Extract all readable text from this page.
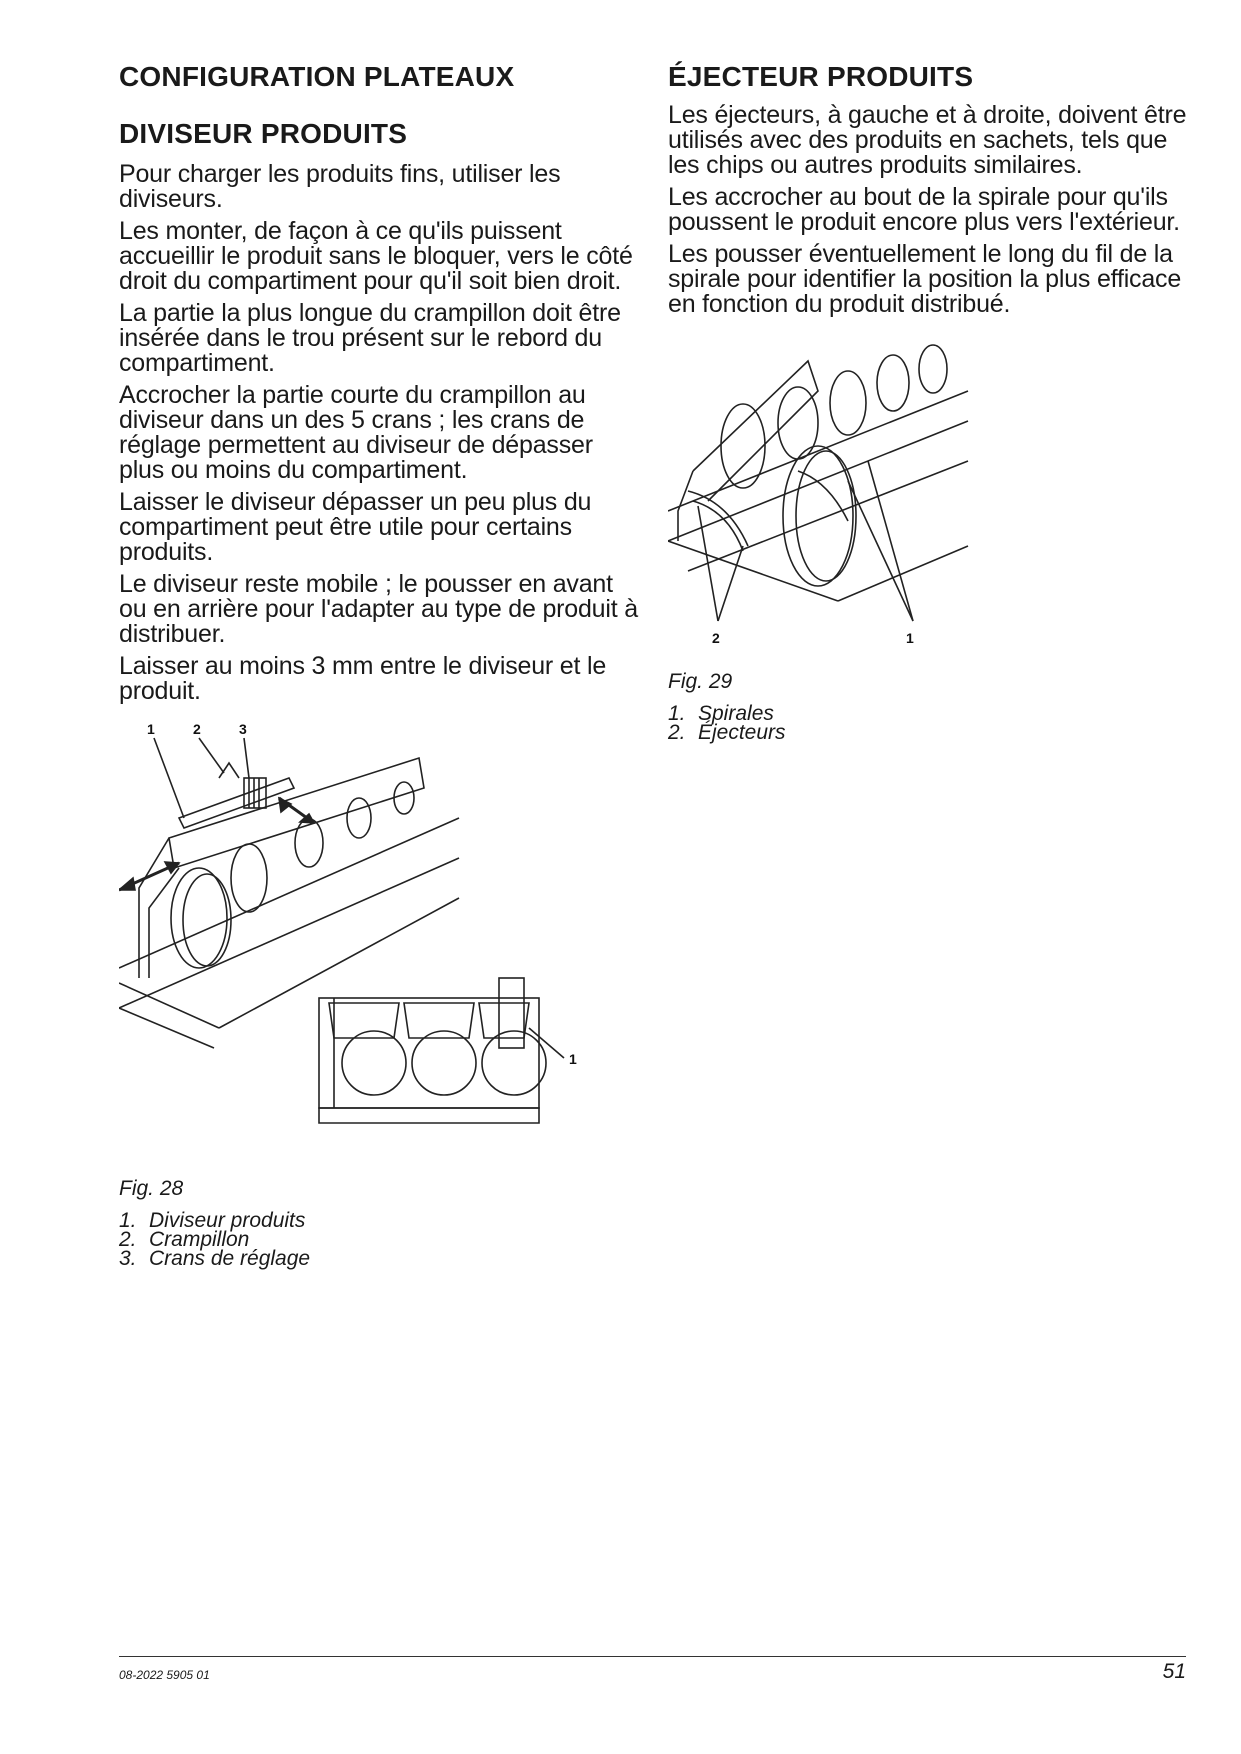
CONFIGURATION PLATEAUX
DIVISEUR PRODUITS

Pour charger les produits fins, utiliser les diviseurs.

Les monter, de façon à ce qu'ils puissent accueillir le produit sans le bloquer, vers le côté droit du compartiment pour qu'il soit bien droit.

La partie la plus longue du crampillon doit être insérée dans le trou présent sur le rebord du compartiment.

Accrocher la partie courte du crampillon au diviseur dans un des 5 crans ; les crans de réglage permettent au diviseur de dépasser plus ou moins du compartiment.

Laisser le diviseur dépasser un peu plus du compartiment peut être utile pour certains produits.

Le diviseur reste mobile ; le pousser en avant ou en arrière pour l'adapter au type de produit à distribuer.

Laisser au moins 3 mm entre le diviseur et le produit.

1	2	3
1
Fig. 28
1. Diviseur produits
2. Crampillon
3. Crans de réglage
ÉJECTEUR PRODUITS

Les éjecteurs, à gauche et à droite, doivent être utilisés avec des produits en sachets, tels que les chips ou autres produits similaires.

Les accrocher au bout de la spirale pour qu'ils poussent le produit encore plus vers l'extérieur.

Les pousser éventuellement le long du fil de la spirale pour identifier la position la plus efficace en fonction du produit distribué.

2	1
Fig. 29
1. Spirales
2. Éjecteurs
08-2022 5905 01	51
